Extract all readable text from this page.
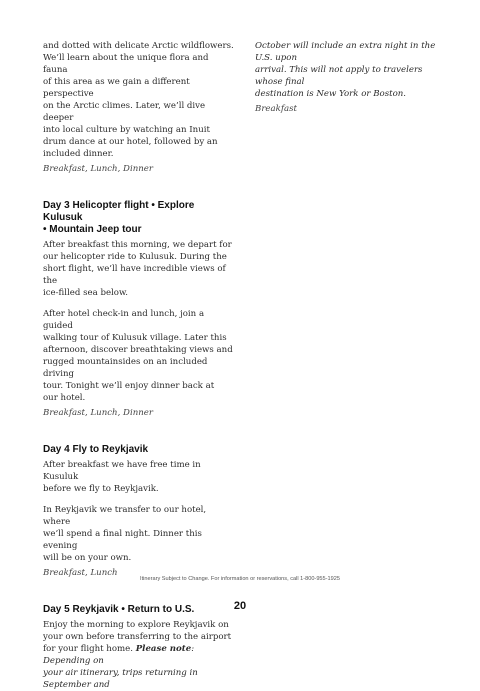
and dotted with delicate Arctic wildflowers.
We’ll learn about the unique flora and fauna
of this area as we gain a different perspective
on the Arctic climes. Later, we’ll dive deeper
into local culture by watching an Inuit
drum dance at our hotel, followed by an
included dinner.

Breakfast, Lunch, Dinner

Day 3 Helicopter flight • Explore Kulusuk
• Mountain Jeep tour

After breakfast this morning, we depart for
our helicopter ride to Kulusuk. During the
short flight, we’ll have incredible views of the
ice-filled sea below.

After hotel check-in and lunch, join a guided
walking tour of Kulusuk village. Later this
afternoon, discover breathtaking views and
rugged mountainsides on an included driving
tour. Tonight we’ll enjoy dinner back at
our hotel.

Breakfast, Lunch, Dinner

Day 4 Fly to Reykjavik

After breakfast we have free time in Kusuluk
before we fly to Reykjavik.

In Reykjavik we transfer to our hotel, where
we’ll spend a final night. Dinner this evening
will be on your own.

Breakfast, Lunch

Day 5 Reykjavik • Return to U.S.

Enjoy the morning to explore Reykjavik on
your own before transferring to the airport
for your flight home. Please note: Depending on
your air itinerary, trips returning in September and

October will include an extra night in the U.S. upon
arrival. This will not apply to travelers whose final
destination is New York or Boston.

Breakfast

Itinerary Subject to Change. For information or reservations, call 1-800-955-1925
20
